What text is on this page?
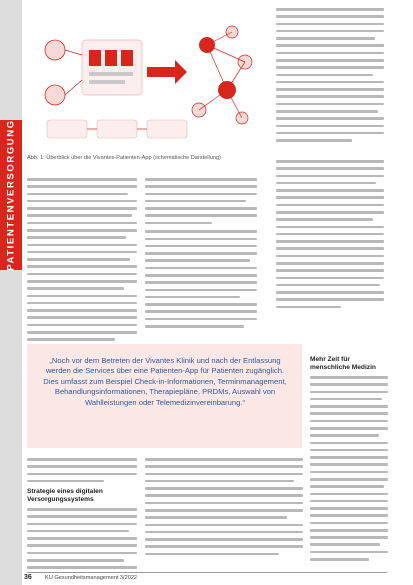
PATIENTENVERSORGUNG Abb. 1: Überblick über die Vivantes-Patienten-App (schematische Darstellung)
„Noch vor dem Betreten der Vivantes Klinik und nach der Entlassung werden die Services über eine Patienten-App für Patienten zugänglich. Dies umfasst zum Beispiel Check-in-Informationen, Terminmanagement, Behandlungsinformationen, Therapiepläne, PRDMs, Auswahl von Wahlleistungen oder Telemedizinvereinbarung.“
Mehr Zeit für menschliche Medizin
Strategie eines digitalen Versorgungssystems
36 KU Gesundheitsmanagement 3/2022
